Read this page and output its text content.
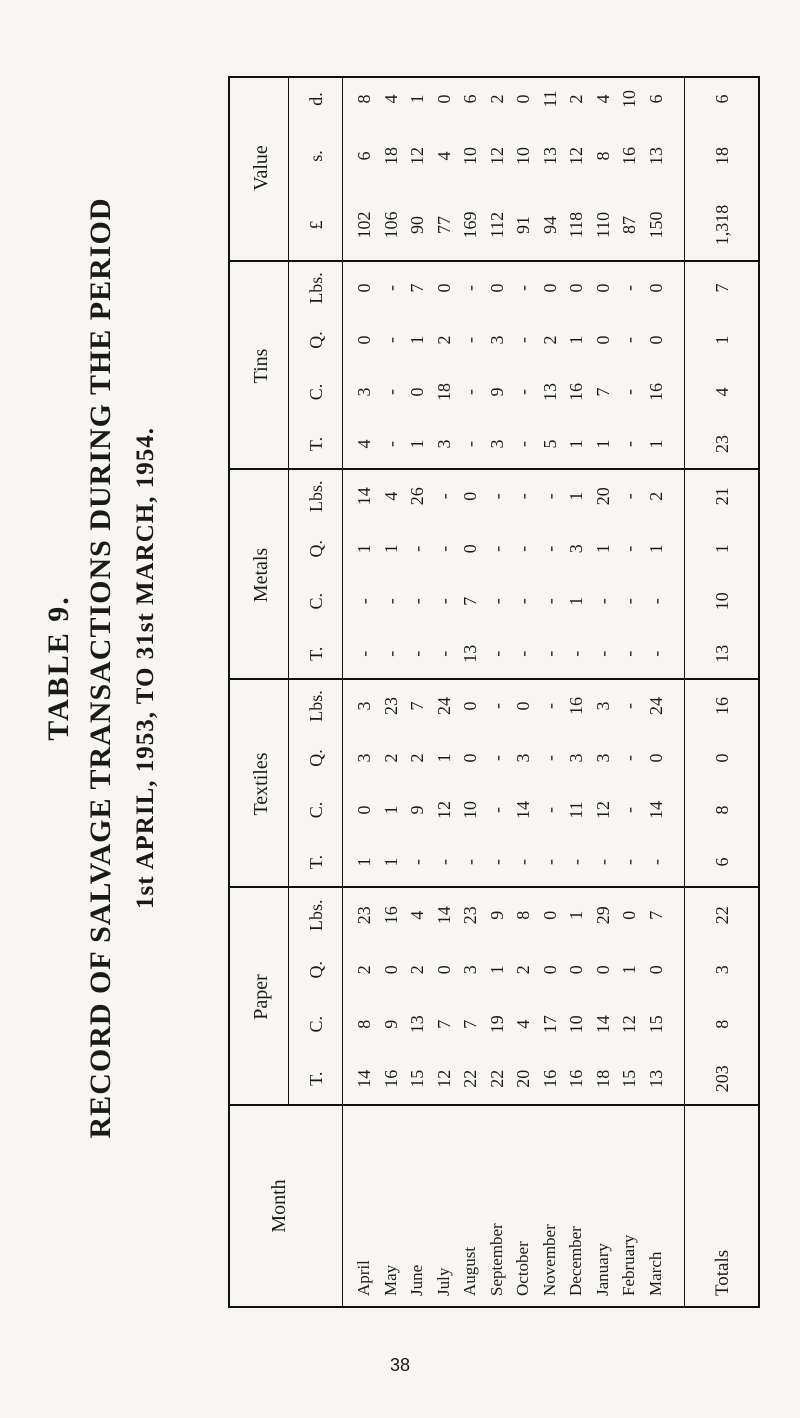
TABLE 9. RECORD OF SALVAGE TRANSACTIONS DURING THE PERIOD 1st APRIL, 1953, TO 31st MARCH, 1954.
Month
Paper
Textiles
Metals
Tins
Value
T.
C.
Q.
Lbs.
T.
C.
Q.
Lbs.
T.
C.
Q.
Lbs.
T.
C.
Q.
Lbs.
£
s.
d.
April
14
8
2
23
1
0
3
3
-
-
1
14
4
3
0
0
102
6
8
May
16
9
0
16
1
1
2
23
-
-
1
4
-
-
-
-
106
18
4
June
15
13
2
4
-
9
2
7
-
-
-
26
1
0
1
7
90
12
1
July
12
7
0
14
-
12
1
24
-
-
-
-
3
18
2
0
77
4
0
August
22
7
3
23
-
10
0
0
13
7
0
0
-
-
-
-
169
10
6
September
22
19
1
9
-
-
-
-
-
-
-
-
3
9
3
0
112
12
2
October
20
4
2
8
-
14
3
0
-
-
-
-
-
-
-
-
91
10
0
November
16
17
0
0
-
-
-
-
-
-
-
-
5
13
2
0
94
13
11
December
16
10
0
1
-
11
3
16
-
1
3
1
1
16
1
0
118
12
2
January
18
14
0
29
-
12
3
3
-
-
1
20
1
7
0
0
110
8
4
February
15
12
1
0
-
-
-
-
-
-
-
-
-
-
-
-
87
16
10
March
13
15
0
7
-
14
0
24
-
-
1
2
1
16
0
0
150
13
6
Totals
203
8
3
22
6
8
0
16
13
10
1
21
23
4
1
7
1,318
18
6
38
